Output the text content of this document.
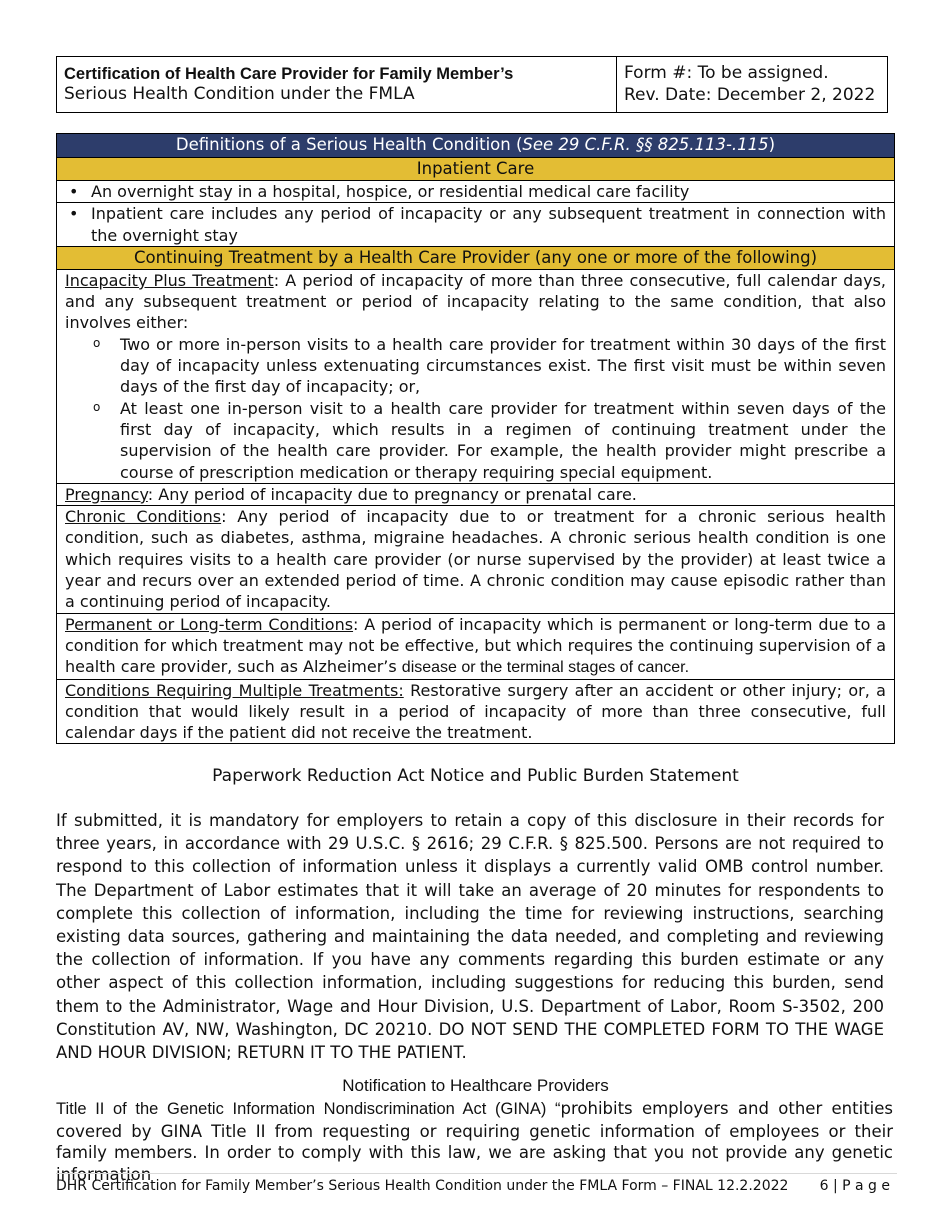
Certification of Health Care Provider for Family Member’s
Serious Health Condition under the FMLA
Form #: To be assigned.
Rev. Date: December 2, 2022
Definitions of a Serious Health Condition (See 29 C.F.R. §§ 825.113-.115)
Inpatient Care

• An overnight stay in a hospital, hospice, or residential medical care facility

• Inpatient care includes any period of incapacity or any subsequent treatment in connection with the overnight stay

Continuing Treatment by a Health Care Provider (any one or more of the following)

Incapacity Plus Treatment: A period of incapacity of more than three consecutive, full calendar days, and any subsequent treatment or period of incapacity relating to the same condition, that also involves either:
o Two or more in-person visits to a health care provider for treatment within 30 days of the first day of incapacity unless extenuating circumstances exist. The first visit must be within seven days of the first day of incapacity; or,
o At least one in-person visit to a health care provider for treatment within seven days of the first day of incapacity, which results in a regimen of continuing treatment under the supervision of the health care provider. For example, the health provider might prescribe a course of prescription medication or therapy requiring special equipment.

Pregnancy: Any period of incapacity due to pregnancy or prenatal care.
Chronic Conditions: Any period of incapacity due to or treatment for a chronic serious health condition, such as diabetes, asthma, migraine headaches. A chronic serious health condition is one which requires visits to a health care provider (or nurse supervised by the provider) at least twice a year and recurs over an extended period of time. A chronic condition may cause episodic rather than a continuing period of incapacity.
Permanent or Long-term Conditions: A period of incapacity which is permanent or long-term due to a condition for which treatment may not be effective, but which requires the continuing supervision of a health care provider, such as Alzheimer’s disease or the terminal stages of cancer.
Conditions Requiring Multiple Treatments: Restorative surgery after an accident or other injury; or, a condition that would likely result in a period of incapacity of more than three consecutive, full calendar days if the patient did not receive the treatment.
Paperwork Reduction Act Notice and Public Burden Statement
If submitted, it is mandatory for employers to retain a copy of this disclosure in their records for three years, in accordance with 29 U.S.C. § 2616; 29 C.F.R. § 825.500. Persons are not required to respond to this collection of information unless it displays a currently valid OMB control number. The Department of Labor estimates that it will take an average of 20 minutes for respondents to complete this collection of information, including the time for reviewing instructions, searching existing data sources, gathering and maintaining the data needed, and completing and reviewing the collection of information. If you have any comments regarding this burden estimate or any other aspect of this collection information, including suggestions for reducing this burden, send them to the Administrator, Wage and Hour Division, U.S. Department of Labor, Room S-3502, 200 Constitution AV, NW, Washington, DC 20210. DO NOT SEND THE COMPLETED FORM TO THE WAGE AND HOUR DIVISION; RETURN IT TO THE PATIENT.
Notification to Healthcare Providers
Title II of the Genetic Information Nondiscrimination Act (GINA) “prohibits employers and other entities covered by GINA Title II from requesting or requiring genetic information of employees or their family members. In order to comply with this law, we are asking that you not provide any genetic information
DHR Certification for Family Member’s Serious Health Condition under the FMLA Form – FINAL 12.2.2022 6 | P a g e
